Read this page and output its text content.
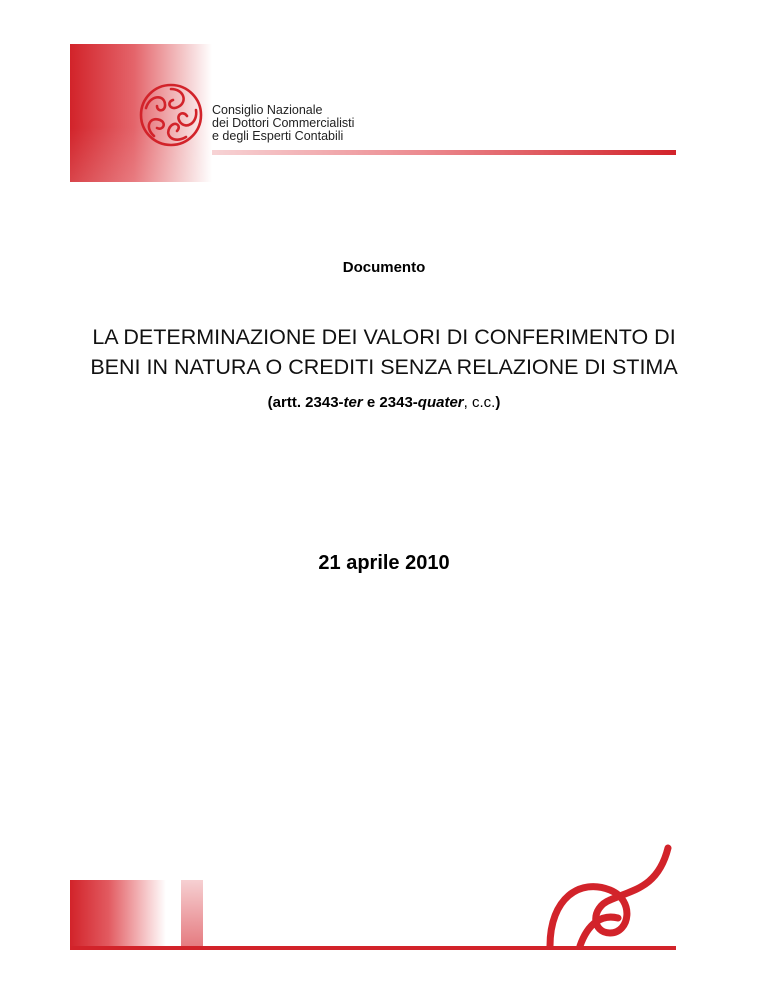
Consiglio Nazionale
dei Dottori Commercialisti
e degli Esperti Contabili
Documento
LA DETERMINAZIONE DEI VALORI DI CONFERIMENTO DI
BENI IN NATURA O CREDITI SENZA RELAZIONE DI STIMA
(artt. 2343-ter e 2343-quater, c.c.)
21 aprile 2010
